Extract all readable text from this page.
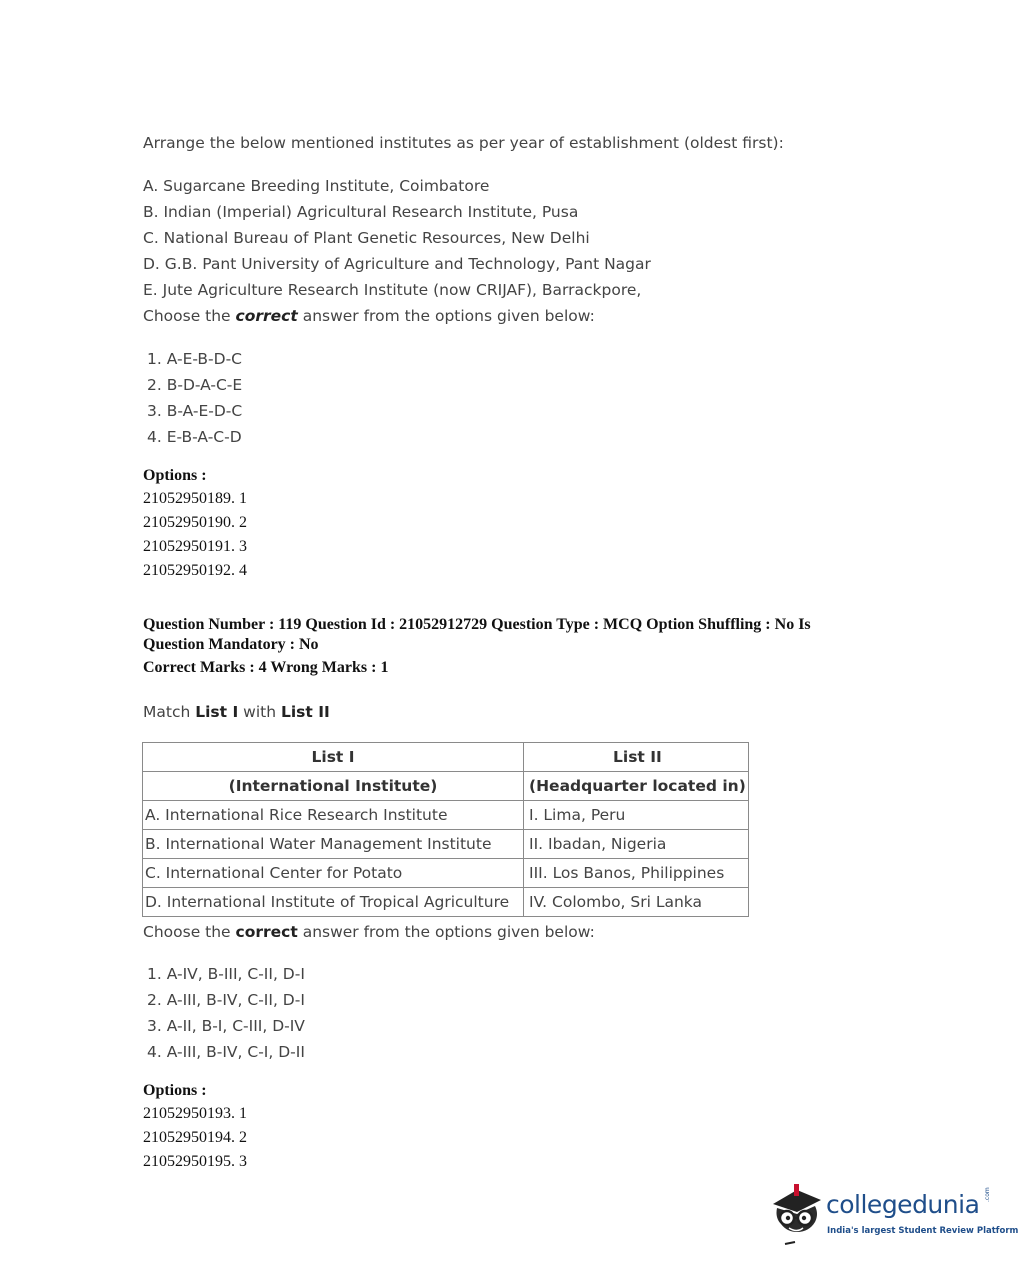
Arrange the below mentioned institutes as per year of establishment (oldest first):
A. Sugarcane Breeding Institute, Coimbatore
B. Indian (Imperial) Agricultural Research Institute, Pusa
C. National Bureau of Plant Genetic Resources, New Delhi
D. G.B. Pant University of Agriculture and Technology, Pant Nagar
E. Jute Agriculture Research Institute (now CRIJAF), Barrackpore,
Choose the correct answer from the options given below:
1. A-E-B-D-C
2. B-D-A-C-E
3. B-A-E-D-C
4. E-B-A-C-D
Options :
21052950189. 1
21052950190. 2
21052950191. 3
21052950192. 4
Question Number : 119 Question Id : 21052912729 Question Type : MCQ Option Shuffling : No Is
Question Mandatory : No
Correct Marks : 4 Wrong Marks : 1
Match List I with List II
List I	List II
(International Institute)	(Headquarter located in)
A. International Rice Research Institute	I. Lima, Peru
B. International Water Management Institute	II. Ibadan, Nigeria
C. International Center for Potato	III. Los Banos, Philippines
D. International Institute of Tropical Agriculture	IV. Colombo, Sri Lanka
Choose the correct answer from the options given below:
1. A-IV, B-III, C-II, D-I
2. A-III, B-IV, C-II, D-I
3. A-II, B-I, C-III, D-IV
4. A-III, B-IV, C-I, D-II
Options :
21052950193. 1
21052950194. 2
21052950195. 3
collegedunia .com
India's largest Student Review Platform
